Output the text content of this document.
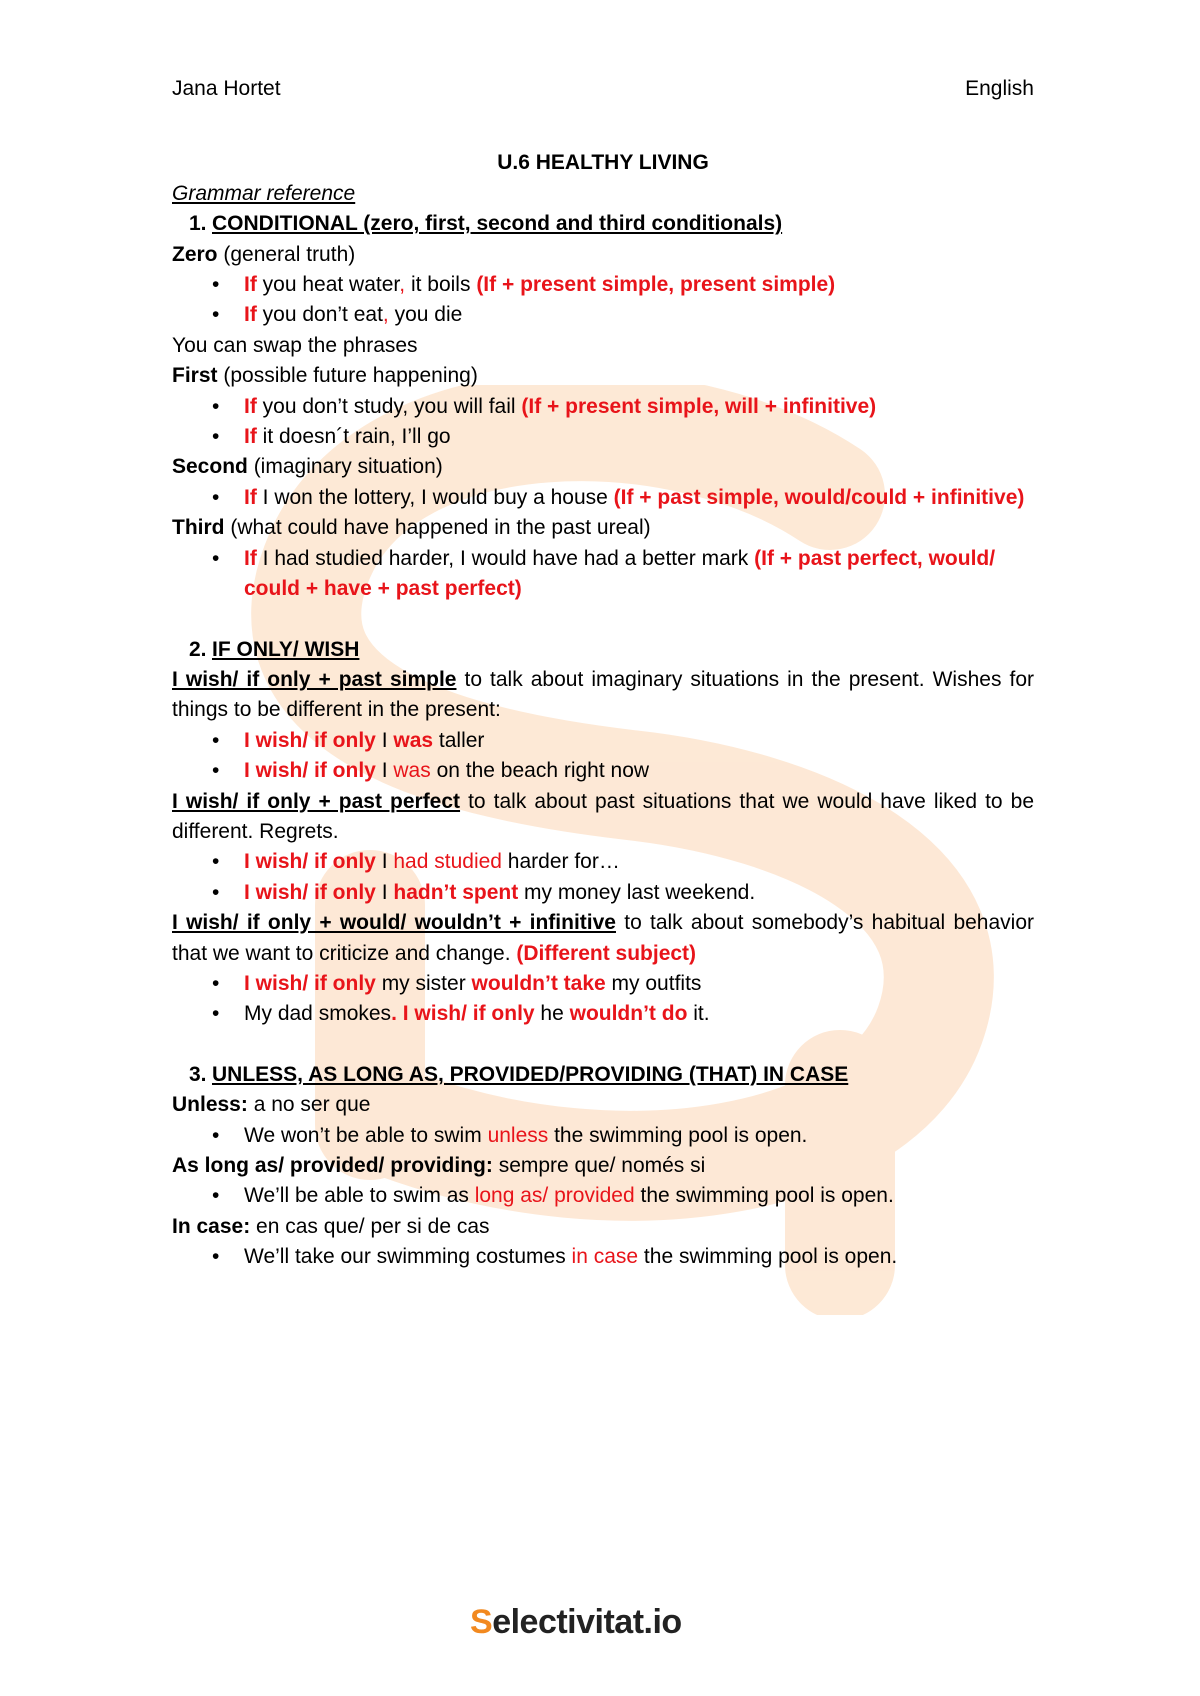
Jana Hortet	English
U.6 HEALTHY LIVING
Grammar reference
1. CONDITIONAL (zero, first, second and third conditionals)
Zero (general truth)
• If you heat water, it boils (If + present simple, present simple)
• If you don’t eat, you die
You can swap the phrases
First (possible future happening)
• If you don’t study, you will fail (If + present simple, will + infinitive)
• If it doesn´t rain, I’ll go
Second (imaginary situation)
• If I won the lottery, I would buy a house (If + past simple, would/could + infinitive)
Third (what could have happened in the past ureal)
• If I had studied harder, I would have had a better mark (If + past perfect, would/ could + have + past perfect)
2. IF ONLY/ WISH
I wish/ if only + past simple to talk about imaginary situations in the present. Wishes for things to be different in the present:
• I wish/ if only I was taller
• I wish/ if only I was on the beach right now
I wish/ if only + past perfect to talk about past situations that we would have liked to be different. Regrets.
• I wish/ if only I had studied harder for…
• I wish/ if only I hadn’t spent my money last weekend.
I wish/ if only + would/ wouldn’t + infinitive to talk about somebody’s habitual behavior that we want to criticize and change. (Different subject)
• I wish/ if only my sister wouldn’t take my outfits
• My dad smokes. I wish/ if only he wouldn’t do it.
3. UNLESS, AS LONG AS, PROVIDED/PROVIDING (THAT) IN CASE
Unless: a no ser que
• We won’t be able to swim unless the swimming pool is open.
As long as/ provided/ providing: sempre que/ només si
• We’ll be able to swim as long as/ provided the swimming pool is open.
In case: en cas que/ per si de cas
• We’ll take our swimming costumes in case the swimming pool is open.
Selectivitat.io
